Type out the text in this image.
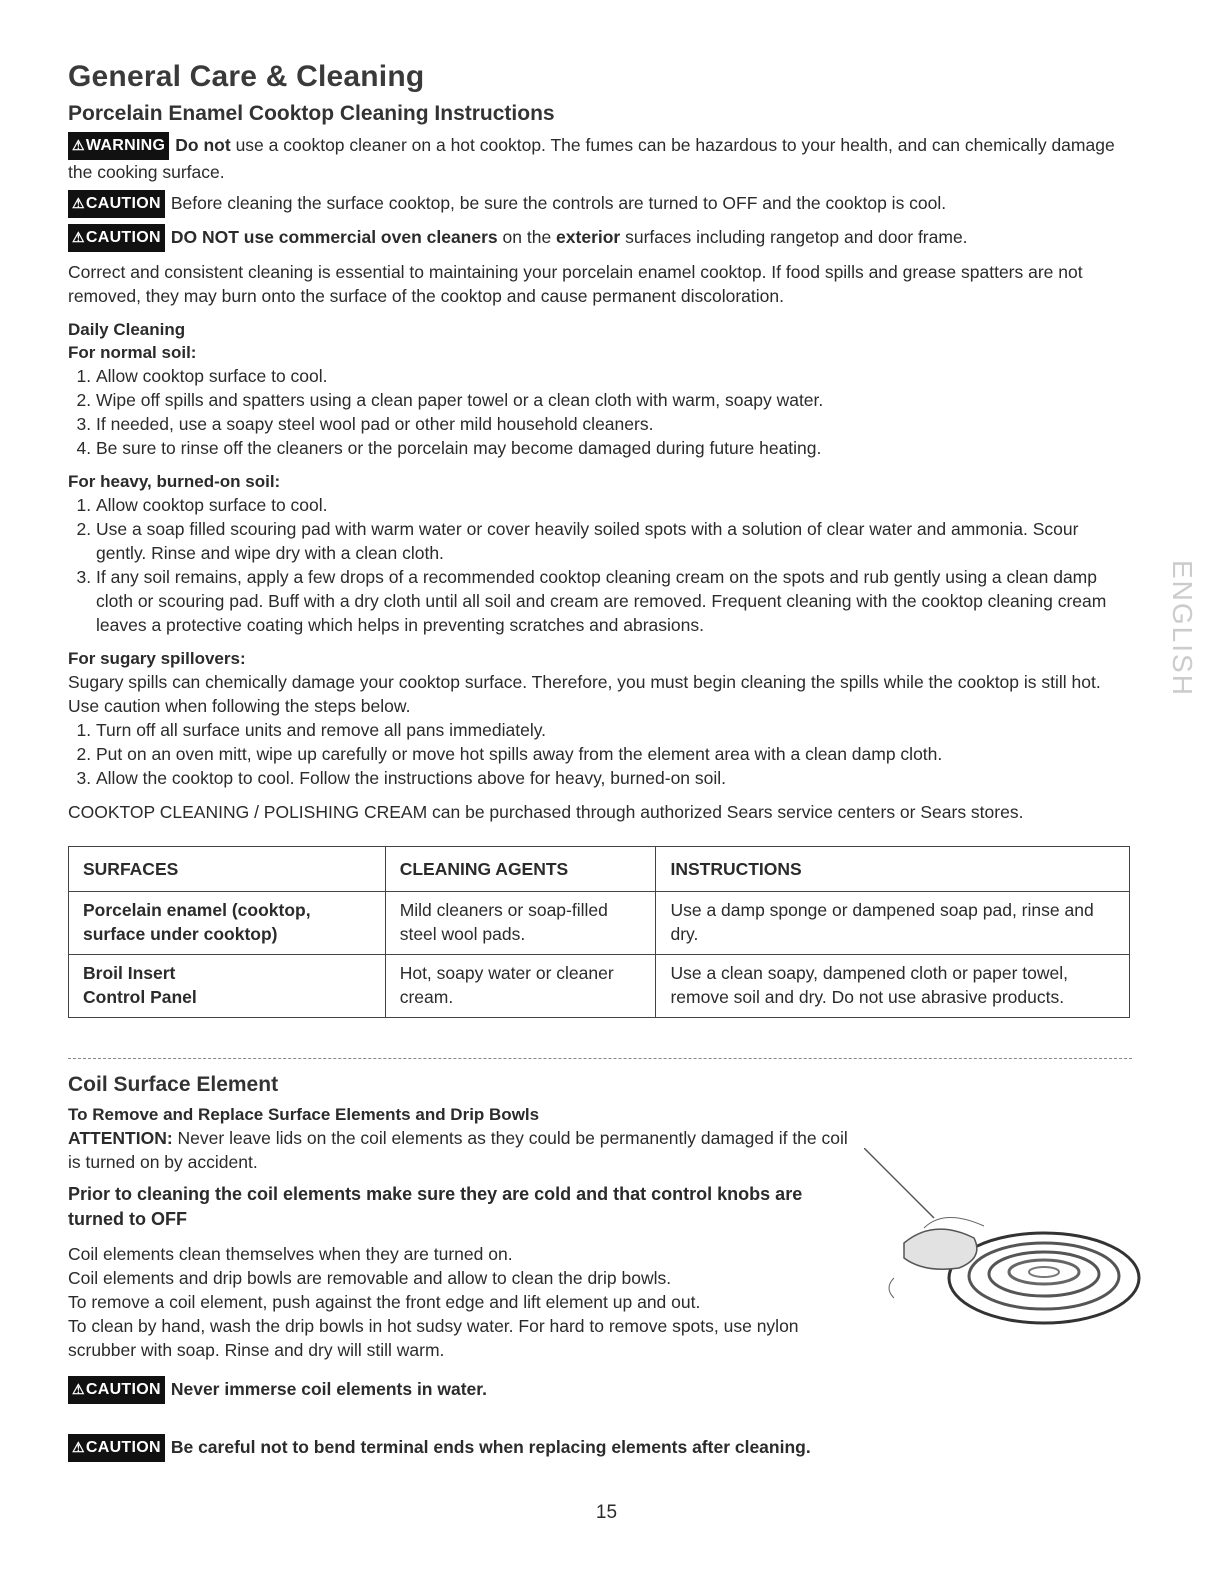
General Care & Cleaning
Porcelain Enamel Cooktop Cleaning Instructions

⚠WARNING Do not use a cooktop cleaner on a hot cooktop. The fumes can be hazardous to your health, and can chemically damage the cooking surface.

⚠CAUTION Before cleaning the surface cooktop, be sure the controls are turned to OFF and the cooktop is cool.

⚠CAUTION DO NOT use commercial oven cleaners on the exterior surfaces including rangetop and door frame.

Correct and consistent cleaning is essential to maintaining your porcelain enamel cooktop. If food spills and grease spatters are not removed, they may burn onto the surface of the cooktop and cause permanent discoloration.

Daily Cleaning

For normal soil:

1. Allow cooktop surface to cool.
2. Wipe off spills and spatters using a clean paper towel or a clean cloth with warm, soapy water.
3. If needed, use a soapy steel wool pad or other mild household cleaners.
4. Be sure to rinse off the cleaners or the porcelain may become damaged during future heating.

For heavy, burned-on soil:

1. Allow cooktop surface to cool.
2. Use a soap filled scouring pad with warm water or cover heavily soiled spots with a solution of clear water and ammonia. Scour gently. Rinse and wipe dry with a clean cloth.
3. If any soil remains, apply a few drops of a recommended cooktop cleaning cream on the spots and rub gently using a clean damp cloth or scouring pad. Buff with a dry cloth until all soil and cream are removed. Frequent cleaning with the cooktop cleaning cream leaves a protective coating which helps in preventing scratches and abrasions.

For sugary spillovers:

Sugary spills can chemically damage your cooktop surface. Therefore, you must begin cleaning the spills while the cooktop is still hot. Use caution when following the steps below.

1. Turn off all surface units and remove all pans immediately.
2. Put on an oven mitt, wipe up carefully or move hot spills away from the element area with a clean damp cloth.
3. Allow the cooktop to cool. Follow the instructions above for heavy, burned-on soil.

COOKTOP CLEANING / POLISHING CREAM can be purchased through authorized Sears service centers or Sears stores.

SURFACES	CLEANING AGENTS	INSTRUCTIONS

Porcelain enamel (cooktop,
surface under cooktop)	Mild cleaners or soap-filled steel wool pads.	Use a damp sponge or dampened soap pad, rinse and dry.

Broil Insert
Control Panel	Hot, soapy water or cleaner cream.	Use a clean soapy, dampened cloth or paper towel, remove soil and dry. Do not use abrasive products.
Coil Surface Element

To Remove and Replace Surface Elements and Drip Bowls

ATTENTION: Never leave lids on the coil elements as they could be permanently damaged if the coil is turned on by accident.

Prior to cleaning the coil elements make sure they are cold and that control knobs are turned to OFF

Coil elements clean themselves when they are turned on.

Coil elements and drip bowls are removable and allow to clean the drip bowls.

To remove a coil element, push against the front edge and lift element up and out.

To clean by hand, wash the drip bowls in hot sudsy water. For hard to remove spots, use nylon scrubber with soap. Rinse and dry will still warm.

⚠CAUTION Never immerse coil elements in water.

⚠CAUTION Be careful not to bend terminal ends when replacing elements after cleaning.

ENGLISH
15
